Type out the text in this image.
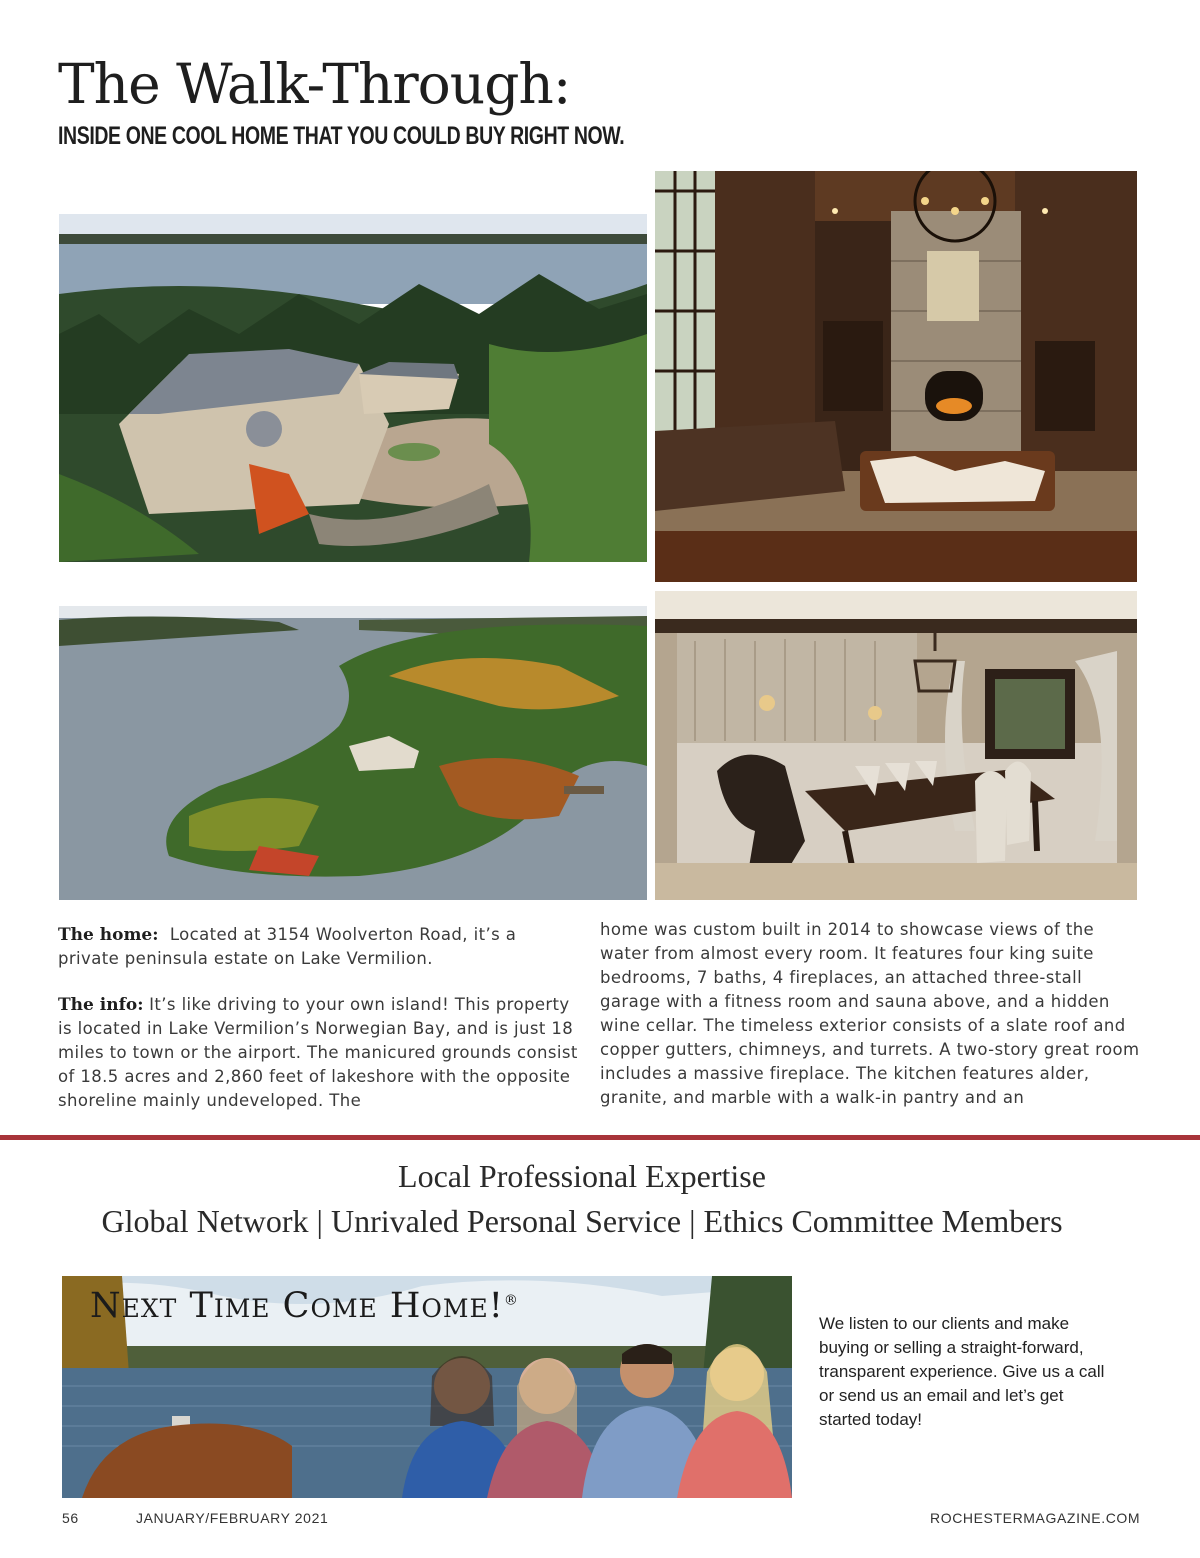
The Walk-Through:
INSIDE ONE COOL HOME THAT YOU COULD BUY RIGHT NOW.

The home: Located at 3154 Woolverton Road, it’s a private peninsula estate on Lake Vermilion.

The info: It’s like driving to your own island! This property is located in Lake Vermilion’s Norwegian Bay, and is just 18 miles to town or the airport. The manicured grounds consist of 18.5 acres and 2,860 feet of lakeshore with the opposite shoreline mainly undeveloped. The

home was custom built in 2014 to showcase views of the water from almost every room. It features four king suite bedrooms, 7 baths, 4 fireplaces, an attached three-stall garage with a fitness room and sauna above, and a hidden wine cellar. The timeless exterior consists of a slate roof and copper gutters, chimneys, and turrets. A two-story great room includes a massive fireplace. The kitchen features alder, granite, and marble with a walk-in pantry and an

Local Professional Expertise
Global Network | Unrivaled Personal Service | Ethics Committee Members
Next Time Come Home!®
We listen to our clients and make buying or selling a straight-forward, transparent experience. Give us a call or send us an email and let’s get started today!
56	JANUARY/FEBRUARY 2021	ROCHESTERMAGAZINE.COM
